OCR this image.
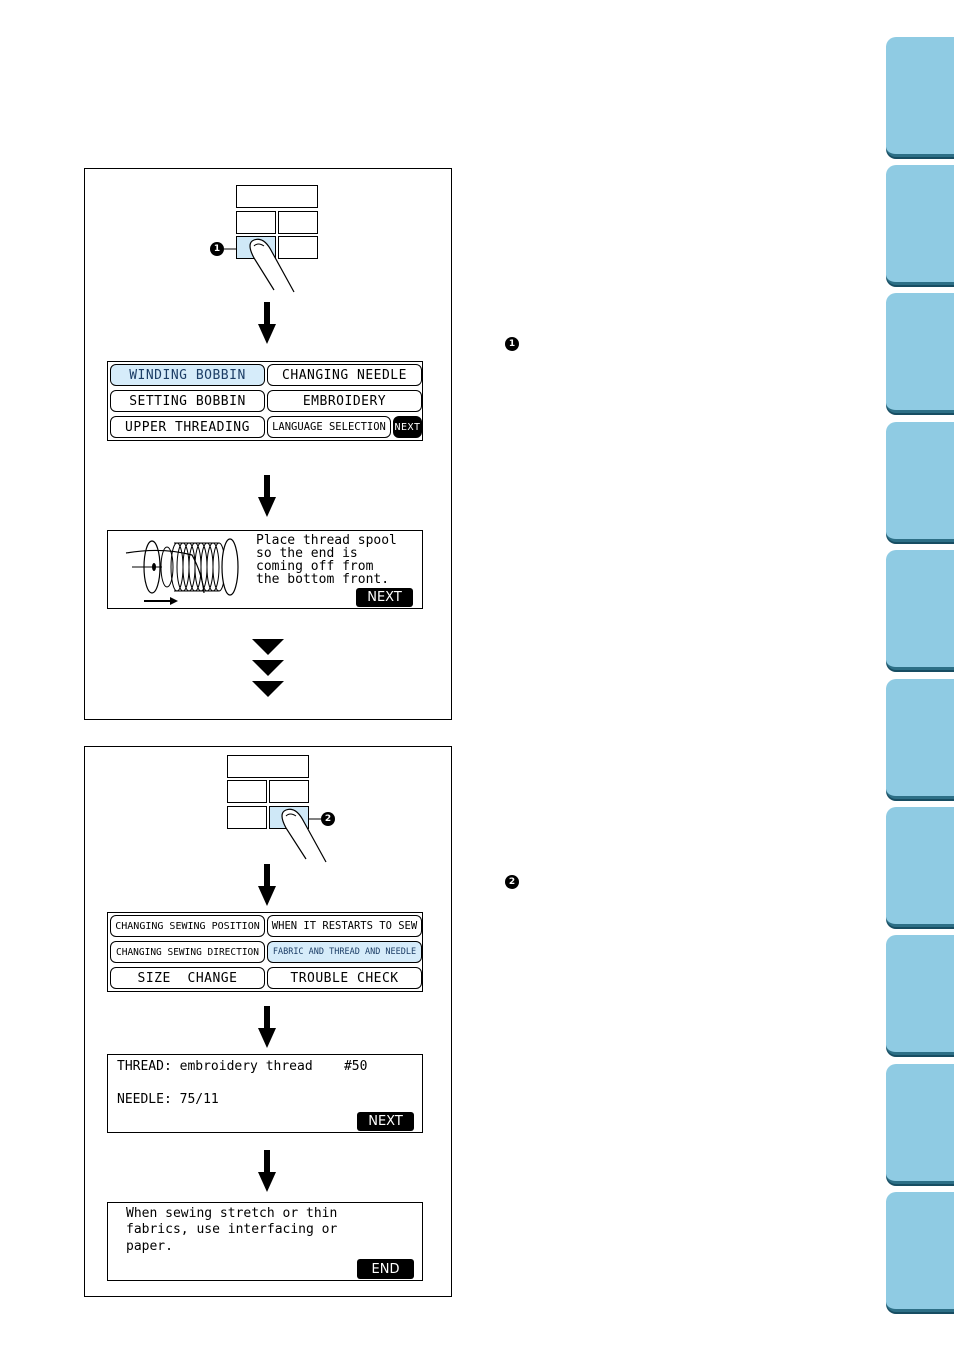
1
WINDING BOBBIN	CHANGING NEEDLE
SETTING BOBBIN	EMBROIDERY
UPPER THREADING	LANGUAGE SELECTION NEXT
Place thread spool
so the end is
coming off from
the bottom front.
NEXT
2
CHANGING SEWING POSITION	WHEN IT RESTARTS TO SEW
CHANGING SEWING DIRECTION	FABRIC AND THREAD AND NEEDLE
SIZE  CHANGE	TROUBLE CHECK
THREAD: embroidery thread    #50
NEEDLE: 75/11
NEXT
When sewing stretch or thin
fabrics, use interfacing or
paper.
END
1
2
